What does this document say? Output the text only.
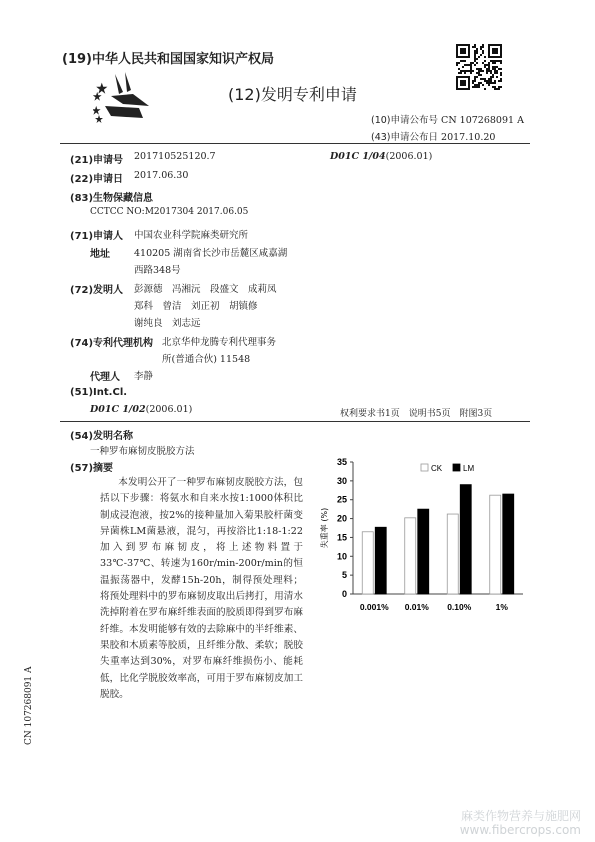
(19)中华人民共和国国家知识产权局
(12)发明专利申请
(10)申请公布号 CN 107268091 A
(43)申请公布日 2017.10.20
(21)申请号 201710525120.7	D01C 1/04(2006.01)
(22)申请日 2017.06.30
(83)生物保藏信息
CCTCC NO:M2017304 2017.06.05
(71)申请人 中国农业科学院麻类研究所
地址	410205 湖南省长沙市岳麓区咸嘉湖
西路348号
(72)发明人 彭源德　冯湘沅　段盛文　成莉凤
郑科　曾洁　刘正初　胡镇修
谢纯良　刘志远
(74)专利代理机构 北京华仲龙腾专利代理事务
所(普通合伙) 11548
代理人 李静
(51)Int.Cl.
D01C 1/02(2006.01)	权利要求书1页　说明书5页　附图3页
(54)发明名称
一种罗布麻韧皮脱胶方法
(57)摘要
本发明公开了一种罗布麻韧皮脱胶方法，包括以下步骤：将氨水和自来水按1:1000体积比制成浸泡液，按2%的接种量加入菊果胶杆菌变异菌株LM菌悬液，混匀，再按浴比1:18-1:22加入到罗布麻韧皮，将上述物料置于33℃-37℃、转速为160r/min-200r/min的恒温振荡器中，发酵15h-20h，制得预处理料；将预处理料中的罗布麻韧皮取出后拷打，用清水洗掉附着在罗布麻纤维表面的胶质即得到罗布麻纤维。本发明能够有效的去除麻中的半纤维素、果胶和木质素等胶质，且纤维分散、柔软；脱胶失重率达到30%，对罗布麻纤维损伤小、能耗低，比化学脱胶效率高，可用于罗布麻韧皮加工脱胶。
0
5
10
15
20
25
30
35
失重率 (%)
0.001% 0.01% 0.10%	1%
CK	LM
CN 107268091 A
麻类作物营养与施肥网
www.fibercrops.com
